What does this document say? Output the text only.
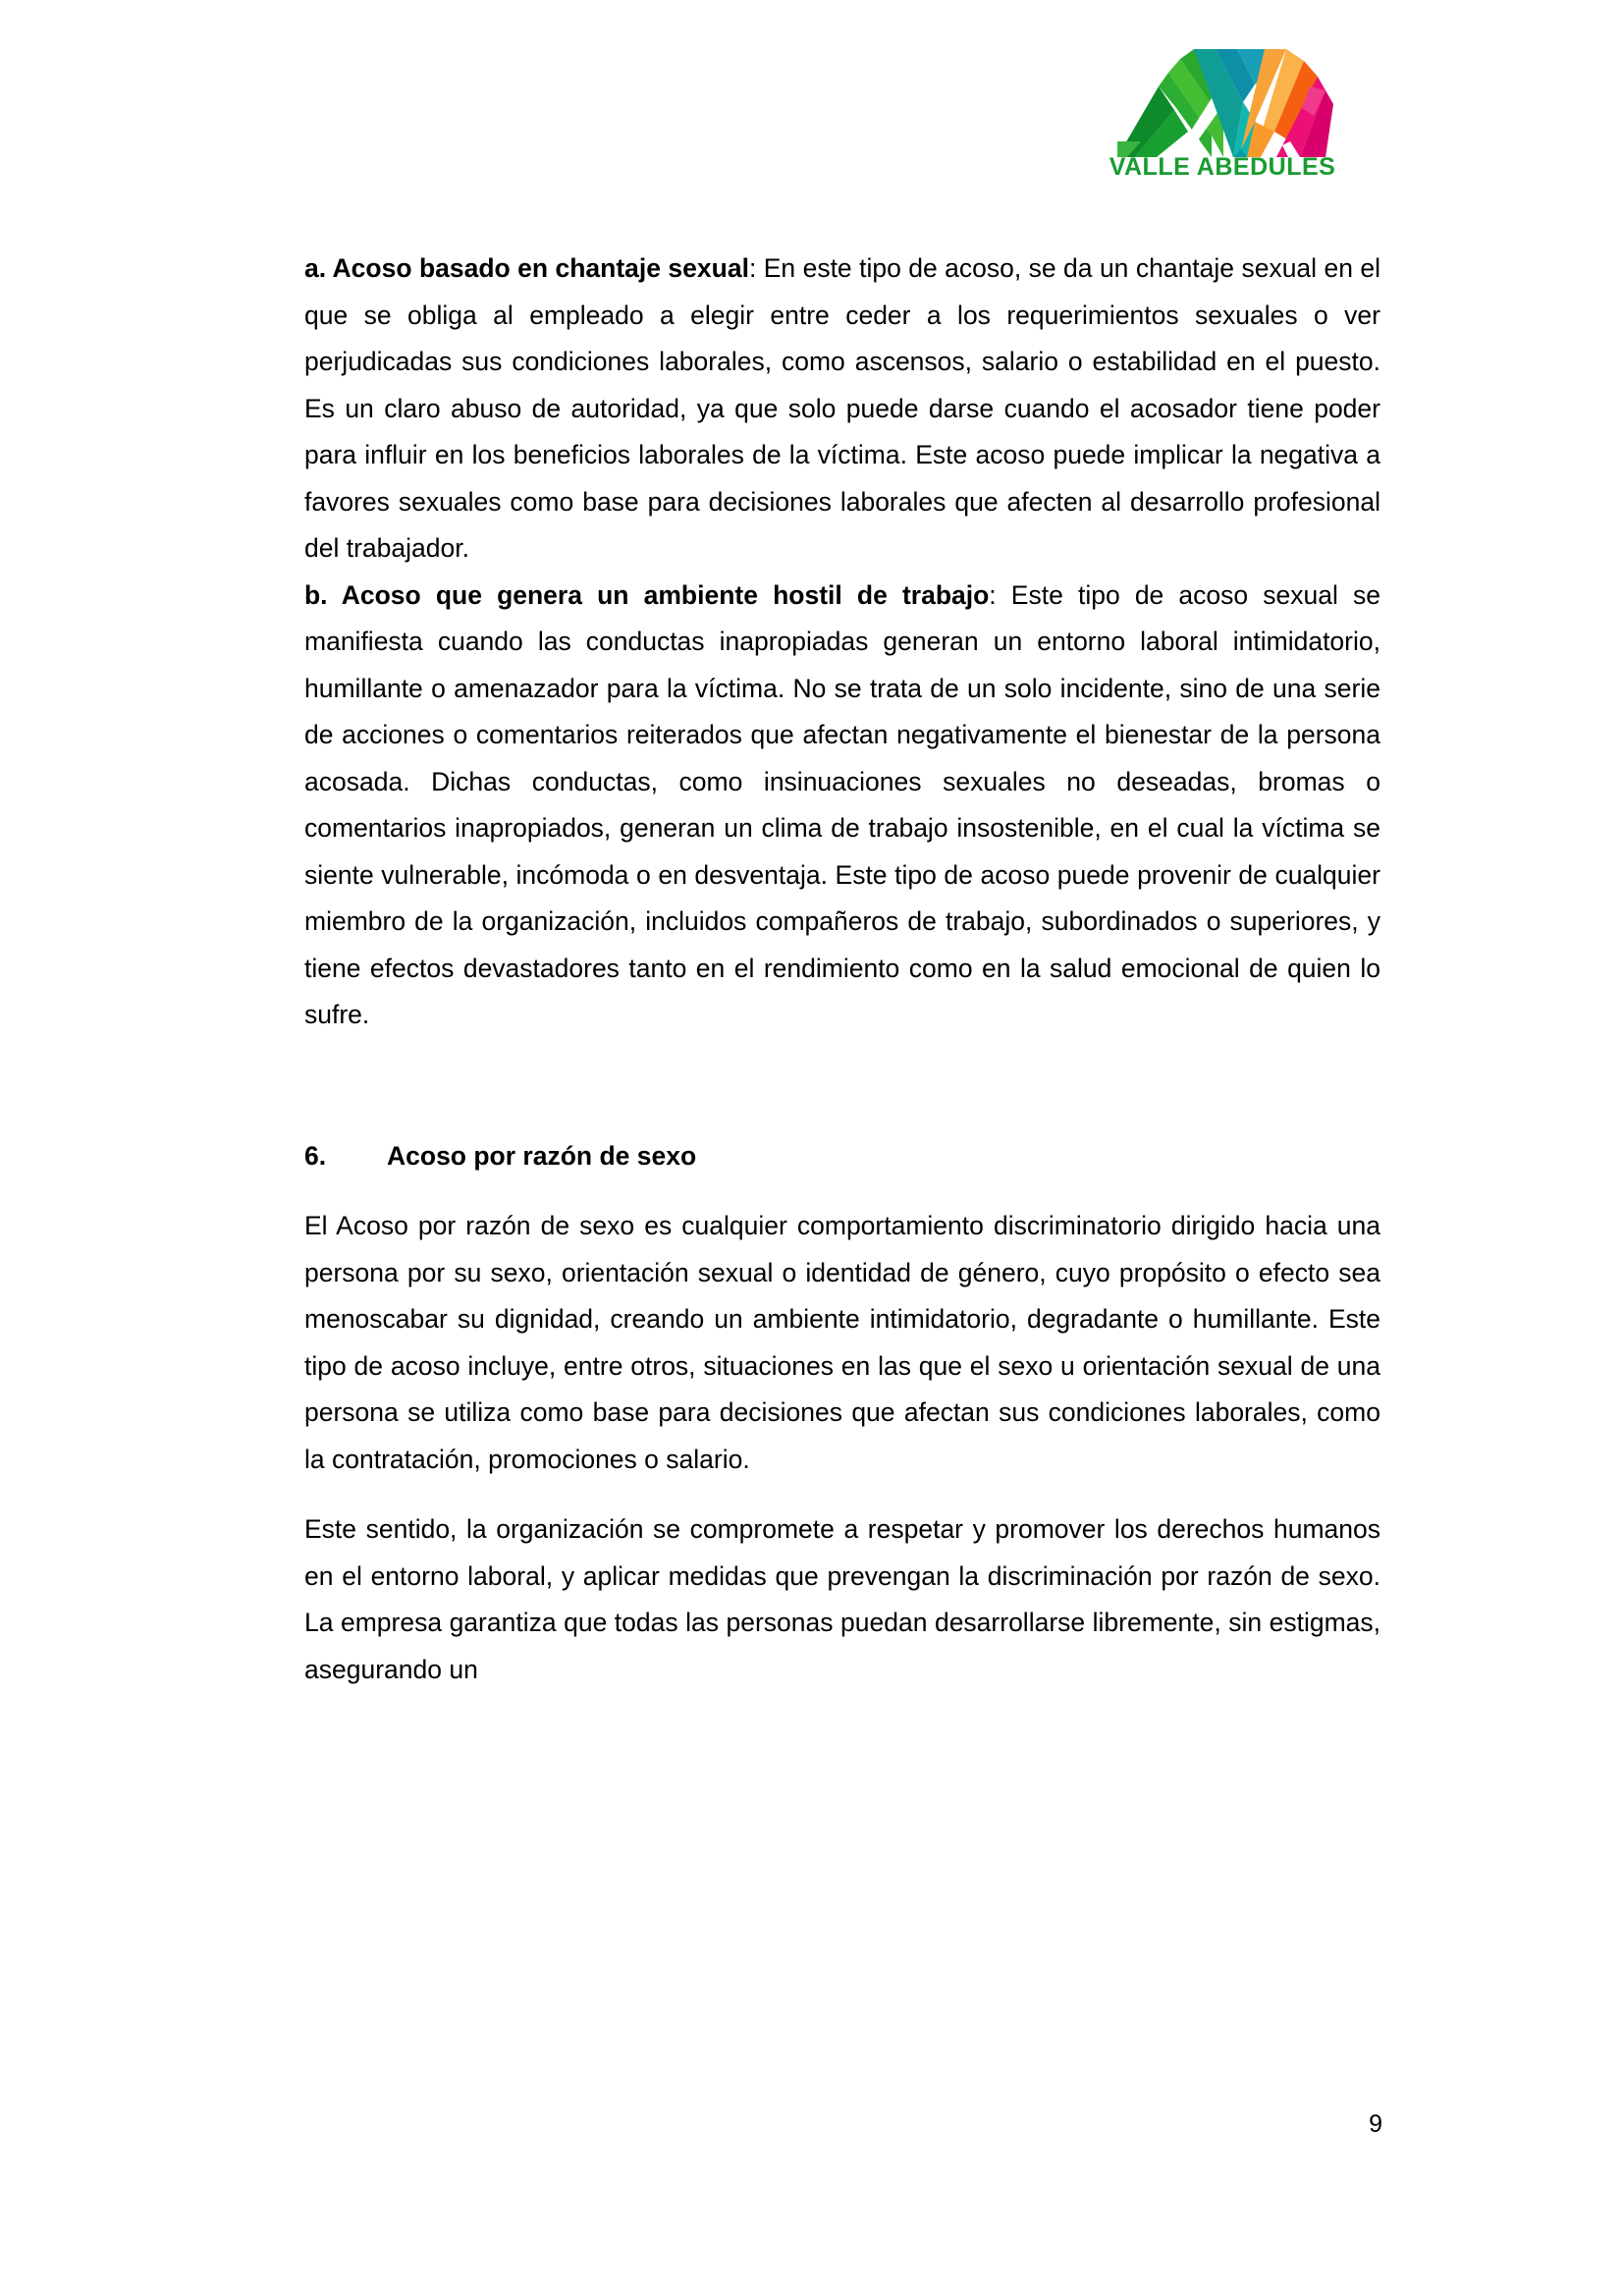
VALLE ABEDULES

a. Acoso basado en chantaje sexual: En este tipo de acoso, se da un chantaje sexual en el que se obliga al empleado a elegir entre ceder a los requerimientos sexuales o ver perjudicadas sus condiciones laborales, como ascensos, salario o estabilidad en el puesto. Es un claro abuso de autoridad, ya que solo puede darse cuando el acosador tiene poder para influir en los beneficios laborales de la víctima. Este acoso puede implicar la negativa a favores sexuales como base para decisiones laborales que afecten al desarrollo profesional del trabajador.

b. Acoso que genera un ambiente hostil de trabajo: Este tipo de acoso sexual se manifiesta cuando las conductas inapropiadas generan un entorno laboral intimidatorio, humillante o amenazador para la víctima. No se trata de un solo incidente, sino de una serie de acciones o comentarios reiterados que afectan negativamente el bienestar de la persona acosada. Dichas conductas, como insinuaciones sexuales no deseadas, bromas o comentarios inapropiados, generan un clima de trabajo insostenible, en el cual la víctima se siente vulnerable, incómoda o en desventaja. Este tipo de acoso puede provenir de cualquier miembro de la organización, incluidos compañeros de trabajo, subordinados o superiores, y tiene efectos devastadores tanto en el rendimiento como en la salud emocional de quien lo sufre.

6.	Acoso por razón de sexo

El Acoso por razón de sexo es cualquier comportamiento discriminatorio dirigido hacia una persona por su sexo, orientación sexual o identidad de género, cuyo propósito o efecto sea menoscabar su dignidad, creando un ambiente intimidatorio, degradante o humillante. Este tipo de acoso incluye, entre otros, situaciones en las que el sexo u orientación sexual de una persona se utiliza como base para decisiones que afectan sus condiciones laborales, como la contratación, promociones o salario.

Este sentido, la organización se compromete a respetar y promover los derechos humanos en el entorno laboral, y aplicar medidas que prevengan la discriminación por razón de sexo. La empresa garantiza que todas las personas puedan desarrollarse libremente, sin estigmas, asegurando un

9
